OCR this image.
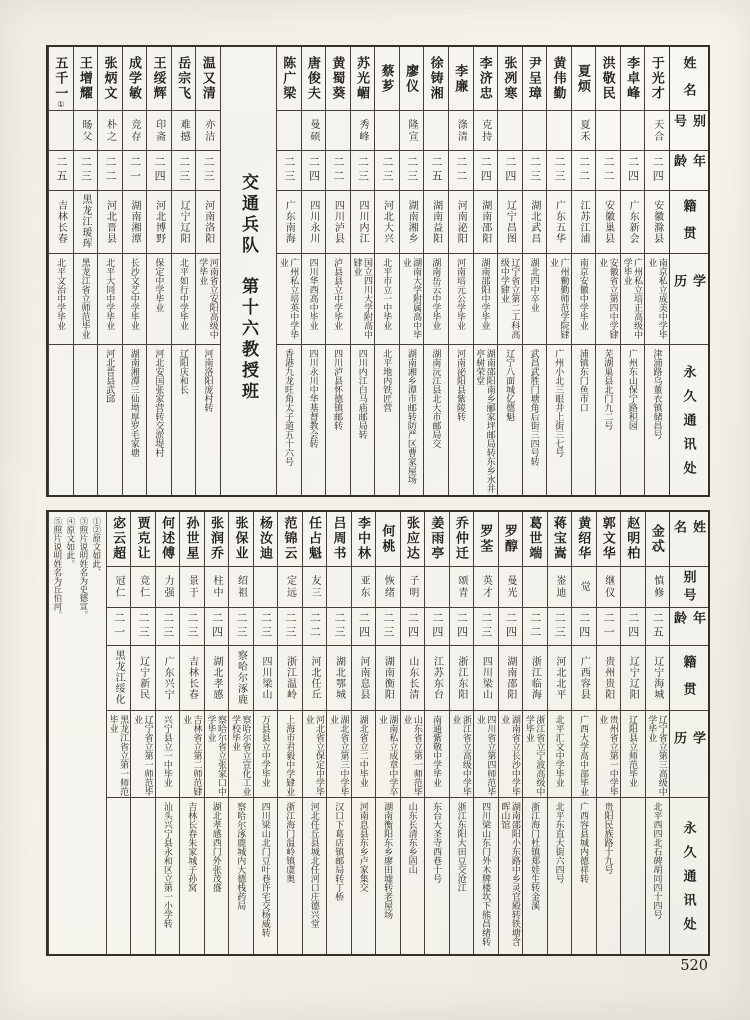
姓名
别号
年龄
籍贯
学历
永久通讯处
于光才
天合
二四
安徽滁县
南京私立成美中学毕业
津浦路乌董衣镇储昌号
李卓峰
二四
广东新会
广州私立培正高级中学毕业
广州东山保宁路积园
洪敬民
二二
安徽巢县
安徽省立第四中学肄业
芜湖巢县北门九二号
夏烦
夏禾
二二
江苏江浦
南京安徽中学毕业
浦镇东门鱼市口
黄伟勤
二三
广东五华
广州勷勤师范学院肄业
广州小北三眼井上街三七号
尹呈璋
二三
湖北武昌
湖北四中卒业
武昌武胜门塘角后街三四号转
张冽寒
二四
辽宁昌图
辽宁省立第二工科高级中学肄业
辽宁八面城亿德魁
李济忠
克持
二四
湖南邵阳
湖南邵阳中学毕业
湖南邵阳南乡郦家坪邮局转东乡水井亭树荣堂
李廉
涤清
二二
河南泌阳
河南培元公学毕业
河南泌阳县紫陵转
徐铸湘
二五
湖南益阳
湖南岳云中学毕业
湖南沅江县北大市邮局交
廖仪
隆宣
二三
湖南湘乡
湖南大学附属高中毕业
湖南湘乡潭市邮转防严区曹家屋场
蔡芗
二三
河北大兴
北平市立一中毕业
北平地内铁匠营
苏光嵋
秀峰
二三
四川内江
国立四川大学附高中肄业
四川内江白马庙邮局转
黄蜀葵
二二
四川泸县
泸县县立中学毕业
四川泸县怀德镇邮转
唐俊夫
曼硕
二四
四川永川
四川华西高中毕业
四川永川中华基督教会转
陈广梁
二三
广东南海
广州私立培英中学毕业
香港九龙旺角太子道五十六号
交通兵队
第十六教授班
温又清
亦洁
二三
河南洛阳
河南省立安阳高级中学毕业
河南洛阳庞村转
岳宗飞
难撼
二三
辽宁辽阳
北平如行中学毕业
辽阳庆和长
王绥辉
印斋
二四
河北博野
保定中学毕业
河北安国张家营转交淤堤村
成学敏
竞存
二一
湖南湘潭
长沙文艺中学毕业
湖南湘潭三仙坳厚罗毛家塘
张炳文
朴之
二二
河北晋县
北平大同中学毕业
河北晋县武邱
王增耀
旸父
二三
黑龙江瑷珲
黑龙江省立师范毕业
五千一
①
二五
吉林长春
北平文治中学毕业
姓名
别号
年龄
籍贯
学历
永久通讯处
金忒
慎修
二五
辽宁海城
辽宁省立第三高级中学毕业
北平西四北石碑胡同四十四号
赵明柏
二四
辽宁辽阳
辽阳县立师范毕业
郭文华
继仪
二一
贵州贵阳
贵州省立第一中学毕业
贵阳民族路十九号
黄绍华
觉
二四
广西容县
广西大学高中部毕业
广西容县城内德祥转
蒋宝嵩
崟迪
二三
河北北平
北平汇文中学毕业
北平东直大街六四号
葛世端
二二
浙江临海
浙江省立宁波高级中学毕业
浙江海门杜镇郑娃生转金溪
罗醇
曼光
二四
湖南邵阳
湖南省立长沙中学毕业
湖南邵阳小东路中乡灵官殿转铁塘含晖山馆
罗荃
英才
二三
四川梁山
四川省立第四师范毕业
四川梁山东门外木牌楼坎下熊昌绪转
乔仲迁
颂青
二四
浙江东阳
浙江省立高级中学毕业
浙江东阳大田豆交沧江
姜雨亭
二四
江苏东台
南通紫敬中学毕业
东台大圣寺西巷十号
张应达
子明
二四
山东长清
山东省立第一师范毕业
山东长清东乡固山
何桃
恢绪
二三
湖南衡阳
湖南私立成章中学卒业
湖南衡阳东乡廖田墟转老屋场
李中林
亚东
二四
河南息县
湖北省立二中毕业
河南息县东乡卢家集交
吕周书
二三
湖北鄂城
湖北省立第三中学毕业
汉口下葛店镇邮局转丁桥
任占魁
友三
二二
河北任丘
河北省立保定中学毕业
河北任丘县城北任河口庄德兴堂
范锦云
定远
二三
浙江温岭
上海市君毅中学肄业
浙江海门温岭镇虞奥
杨汝迪
二三
四川梁山
万县县立中学毕业
四川梁山北门豆叶巷许宅交杨威转
张保业
绍祖
二三
察哈尔涿鹿
察哈尔省立宣化工业学校毕业
察哈尔涿鹿城内大德栈药局
张润乔
柱中
二四
湖北孝感
察哈尔省立张家口中学毕业
湖北孝感西门外张茂盛
孙世星
景于
二三
吉林长春
吉林省立第二师范肄业
吉林长春朱家城子孙窝
何述傅
力强
二三
广东兴宁
兴宁县立一中毕业
汕头兴宁县永和区立第一小学转
贾克让
竞仁
二三
辽宁新民
辽宁省立第一师范毕业
宓云超
冠仁
二一
黑龙江绥化
黑龙江省立第一师范毕业
①②原文如此、
③照片说明姓名为史德宣。
④原文如此。
⑤照片说明姓名为丘伯河。
520
